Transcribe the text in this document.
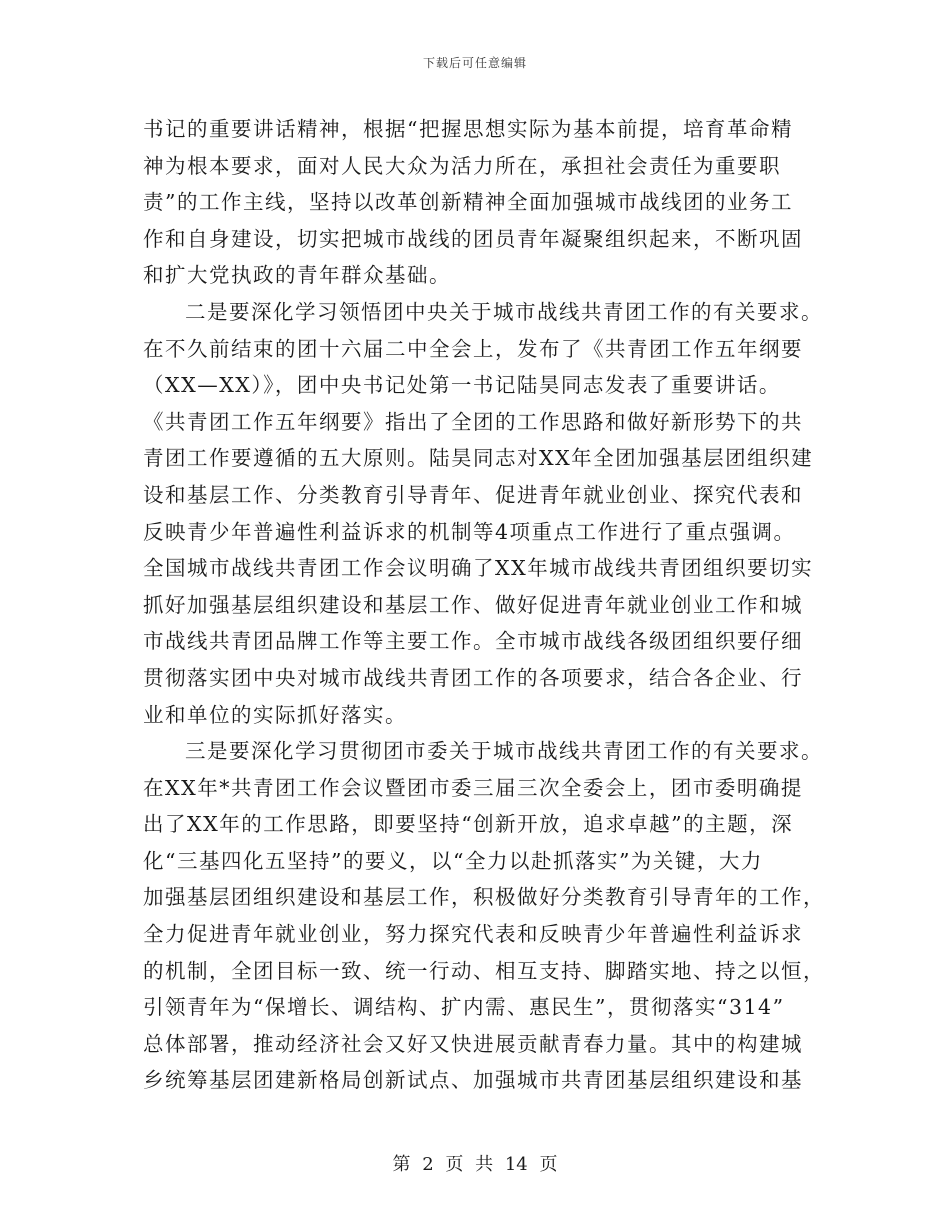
下载后可任意编辑
书记的重要讲话精神，根据“把握思想实际为基本前提，培育革命精
神为根本要求，面对人民大众为活力所在，承担社会责任为重要职
责”的工作主线，坚持以改革创新精神全面加强城市战线团的业务工
作和自身建设，切实把城市战线的团员青年凝聚组织起来，不断巩固
和扩大党执政的青年群众基础。
二是要深化学习领悟团中央关于城市战线共青团工作的有关要求。
在不久前结束的团十六届二中全会上，发布了《共青团工作五年纲要
（XX—XX）》，团中央书记处第一书记陆昊同志发表了重要讲话。
《共青团工作五年纲要》指出了全团的工作思路和做好新形势下的共
青团工作要遵循的五大原则。陆昊同志对XX年全团加强基层团组织建
设和基层工作、分类教育引导青年、促进青年就业创业、探究代表和
反映青少年普遍性利益诉求的机制等4项重点工作进行了重点强调。
全国城市战线共青团工作会议明确了XX年城市战线共青团组织要切实
抓好加强基层组织建设和基层工作、做好促进青年就业创业工作和城
市战线共青团品牌工作等主要工作。全市城市战线各级团组织要仔细
贯彻落实团中央对城市战线共青团工作的各项要求，结合各企业、行
业和单位的实际抓好落实。
三是要深化学习贯彻团市委关于城市战线共青团工作的有关要求。
在XX年*共青团工作会议暨团市委三届三次全委会上，团市委明确提
出了XX年的工作思路，即要坚持“创新开放，追求卓越”的主题，深
化“三基四化五坚持”的要义，以“全力以赴抓落实”为关键，大力
加强基层团组织建设和基层工作，积极做好分类教育引导青年的工作，
全力促进青年就业创业，努力探究代表和反映青少年普遍性利益诉求
的机制，全团目标一致、统一行动、相互支持、脚踏实地、持之以恒，
引领青年为“保增长、调结构、扩内需、惠民生”，贯彻落实“314”
总体部署，推动经济社会又好又快进展贡献青春力量。其中的构建城
乡统筹基层团建新格局创新试点、加强城市共青团基层组织建设和基
第 2 页 共 14 页
